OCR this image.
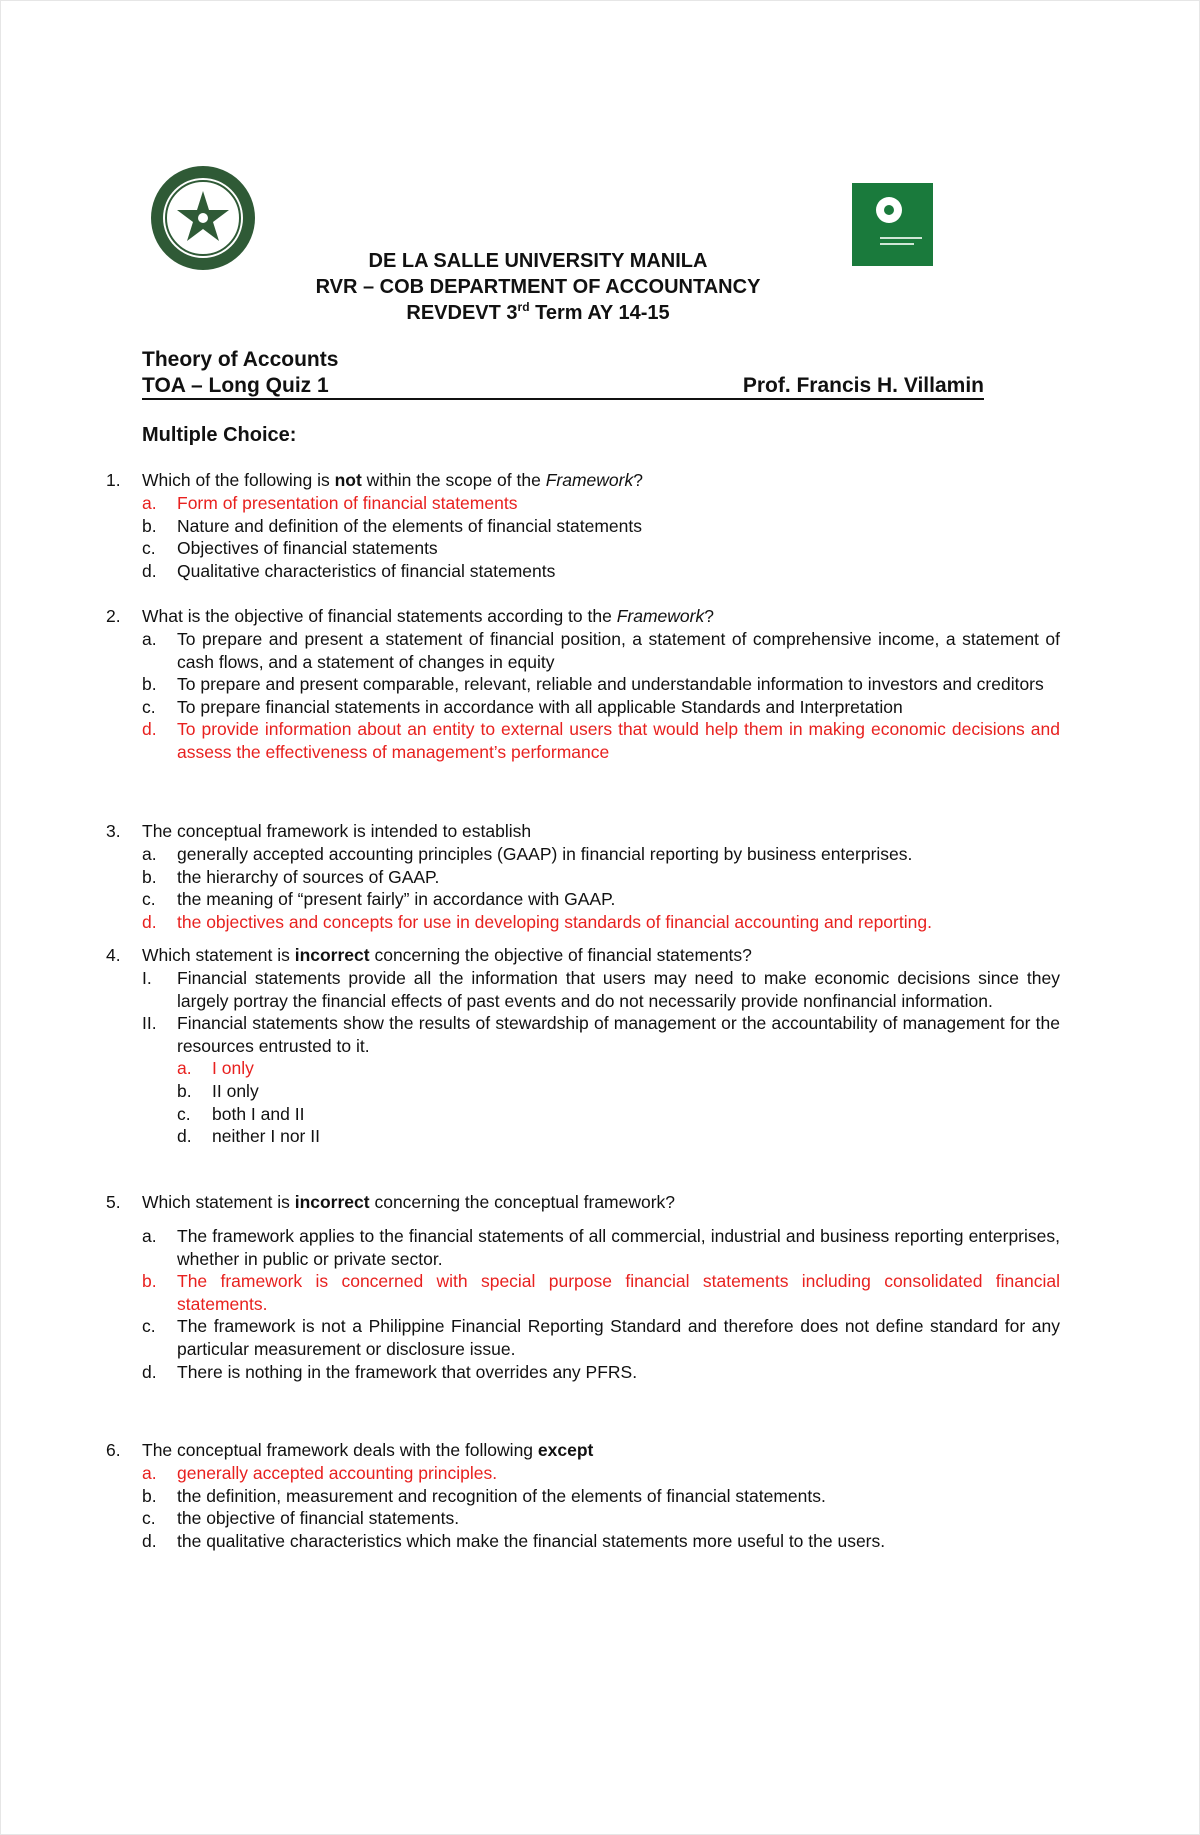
DE LA SALLE UNIVERSITY MANILA
RVR – COB DEPARTMENT OF ACCOUNTANCY
REVDEVT 3rd Term AY 14-15
Theory of Accounts
TOA – Long Quiz 1	Prof. Francis H. Villamin
Multiple Choice:
1. Which of the following is not within the scope of the Framework?
a. Form of presentation of financial statements
b. Nature and definition of the elements of financial statements
c. Objectives of financial statements
d. Qualitative characteristics of financial statements
2. What is the objective of financial statements according to the Framework?
a. To prepare and present a statement of financial position, a statement of comprehensive income, a statement of cash flows, and a statement of changes in equity
b. To prepare and present comparable, relevant, reliable and understandable information to investors and creditors
c. To prepare financial statements in accordance with all applicable Standards and Interpretation
d. To provide information about an entity to external users that would help them in making economic decisions and assess the effectiveness of management’s performance
3. The conceptual framework is intended to establish
a. generally accepted accounting principles (GAAP) in financial reporting by business enterprises.
b. the hierarchy of sources of GAAP.
c. the meaning of “present fairly” in accordance with GAAP.
d. the objectives and concepts for use in developing standards of financial accounting and reporting.
4. Which statement is incorrect concerning the objective of financial statements?
I. Financial statements provide all the information that users may need to make economic decisions since they largely portray the financial effects of past events and do not necessarily provide nonfinancial information.
II. Financial statements show the results of stewardship of management or the accountability of management for the resources entrusted to it.
a. I only
b. II only
c. both I and II
d. neither I nor II
5. Which statement is incorrect concerning the conceptual framework?
a. The framework applies to the financial statements of all commercial, industrial and business reporting enterprises, whether in public or private sector.
b. The framework is concerned with special purpose financial statements including consolidated financial statements.
c. The framework is not a Philippine Financial Reporting Standard and therefore does not define standard for any particular measurement or disclosure issue.
d. There is nothing in the framework that overrides any PFRS.
6. The conceptual framework deals with the following except
a. generally accepted accounting principles.
b. the definition, measurement and recognition of the elements of financial statements.
c. the objective of financial statements.
d. the qualitative characteristics which make the financial statements more useful to the users.
